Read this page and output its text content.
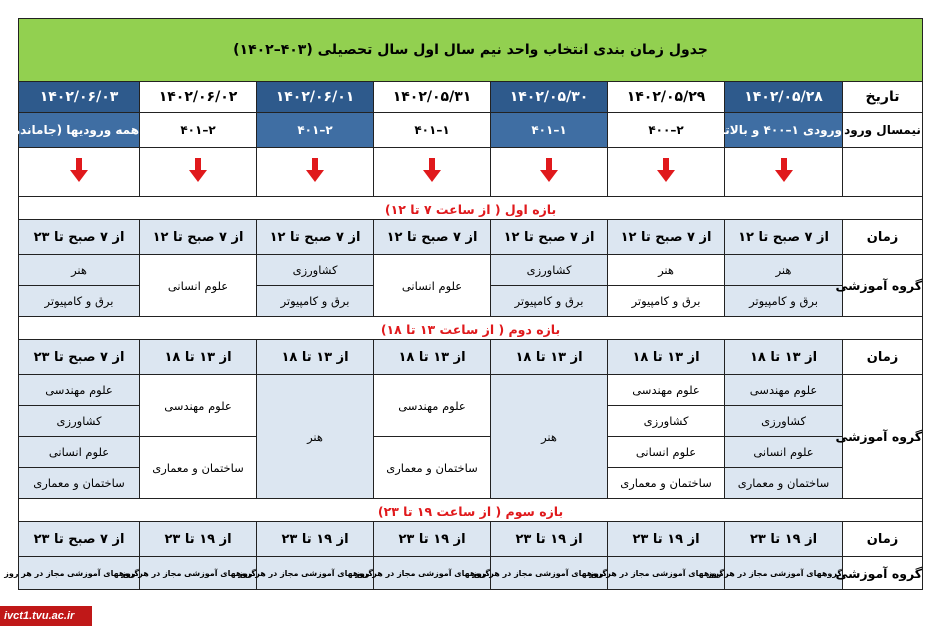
جدول زمان بندی انتخاب واحد نیم سال اول سال تحصیلی (۴۰۳–۱۴۰۲)							
تاریخ	۱۴۰۲/۰۵/۲۸	۱۴۰۲/۰۵/۲۹	۱۴۰۲/۰۵/۳۰	۱۴۰۲/۰۵/۳۱	۱۴۰۲/۰۶/۰۱	۱۴۰۲/۰۶/۰۲	۱۴۰۲/۰۶/۰۳
نیمسال ورود	ورودی ۱–۴۰۰ و بالاتر	۲–۴۰۰	۱–۴۰۱	۱–۴۰۱	۲–۴۰۱	۲–۴۰۱	همه ورودیها (جامانده)

بازه اول ( از ساعت ۷ تا ۱۲)							
زمان	از ۷ صبح تا ۱۲	از ۷ صبح تا ۱۲	از ۷ صبح تا ۱۲	از ۷ صبح تا ۱۲	از ۷ صبح تا ۱۲	از ۷ صبح تا ۱۲	از ۷ صبح تا ۲۳
گروه آموزشی	هنر	هنر	کشاورزی	علوم انسانی	کشاورزی	علوم انسانی	هنر
	برق و کامپیوتر	برق و کامپیوتر	برق و کامپیوتر		برق و کامپیوتر		برق و کامپیوتر
بازه دوم ( از ساعت ۱۳ تا ۱۸)							
زمان	از ۱۳ تا ۱۸	از ۱۳ تا ۱۸	از ۱۳ تا ۱۸	از ۱۳ تا ۱۸	از ۱۳ تا ۱۸	از ۱۳ تا ۱۸	از ۷ صبح تا ۲۳
گروه آموزشی	علوم مهندسی	علوم مهندسی	هنر	علوم مهندسی	هنر	علوم مهندسی	علوم مهندسی
	کشاورزی	کشاورزی					کشاورزی
	علوم انسانی	علوم انسانی		ساختمان و معماری		ساختمان و معماری	علوم انسانی
	ساختمان و معماری	ساختمان و معماری					ساختمان و معماری
بازه سوم ( از ساعت ۱۹ تا ۲۳)							
زمان	از ۱۹ تا ۲۳	از ۱۹ تا ۲۳	از ۱۹ تا ۲۳	از ۱۹ تا ۲۳	از ۱۹ تا ۲۳	از ۱۹ تا ۲۳	از ۷ صبح تا ۲۳
گروه آموزشی	گروههای آموزشی مجاز در هر روز	گروههای آموزشی مجاز در هر روز	گروههای آموزشی مجاز در هر روز	گروههای آموزشی مجاز در هر روز	گروههای آموزشی مجاز در هر روز	گروههای آموزشی مجاز در هر روز	گروههای آموزشی مجاز در هر روز
ivct1.tvu.ac.ir
